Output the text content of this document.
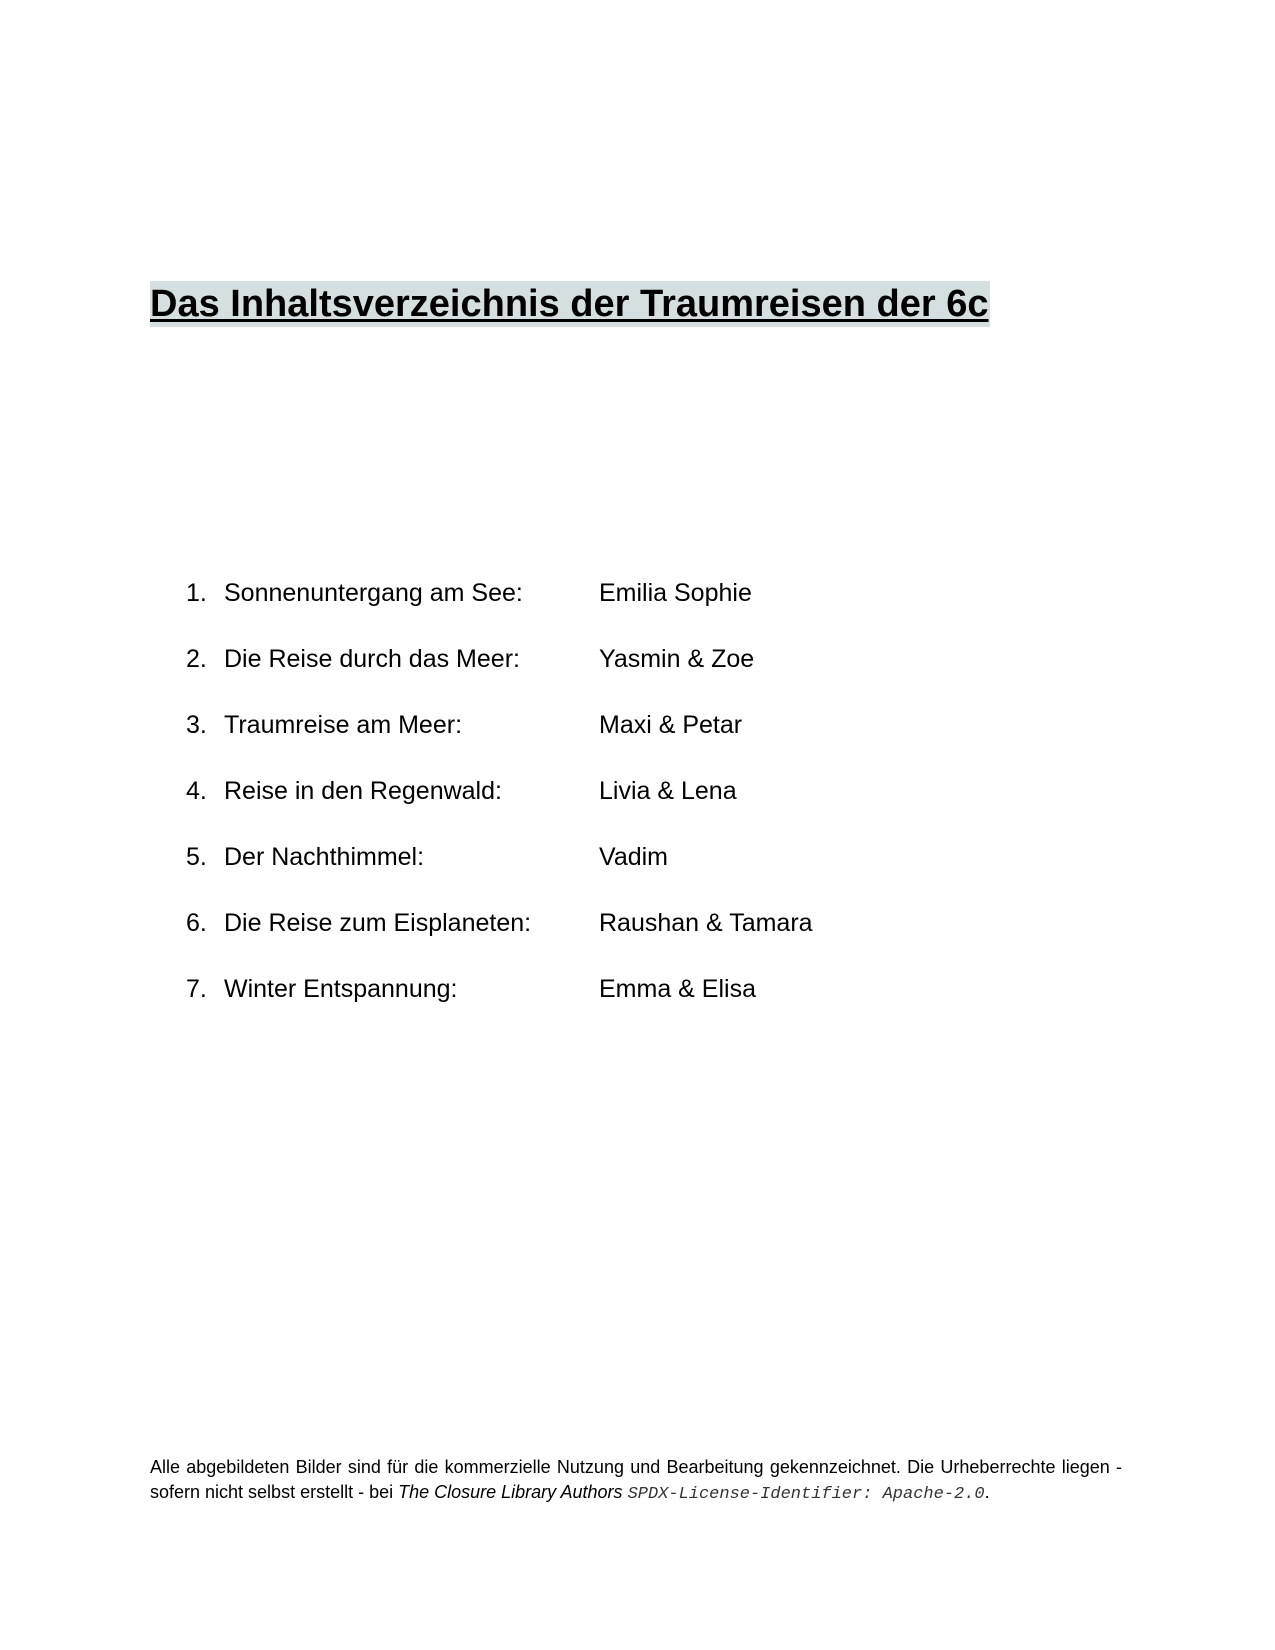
Das Inhaltsverzeichnis der Traumreisen der 6c
1. Sonnenuntergang am See:	Emilia Sophie
2. Die Reise durch das Meer:	Yasmin & Zoe
3. Traumreise am Meer:	Maxi & Petar
4. Reise in den Regenwald:	Livia & Lena
5. Der Nachthimmel:	Vadim
6. Die Reise zum Eisplaneten:	Raushan & Tamara
7. Winter Entspannung:	Emma & Elisa

Alle abgebildeten Bilder sind für die kommerzielle Nutzung und Bearbeitung gekennzeichnet. Die Urheberrechte liegen - sofern nicht selbst erstellt - bei The Closure Library Authors SPDX-License-Identifier: Apache-2.0.
